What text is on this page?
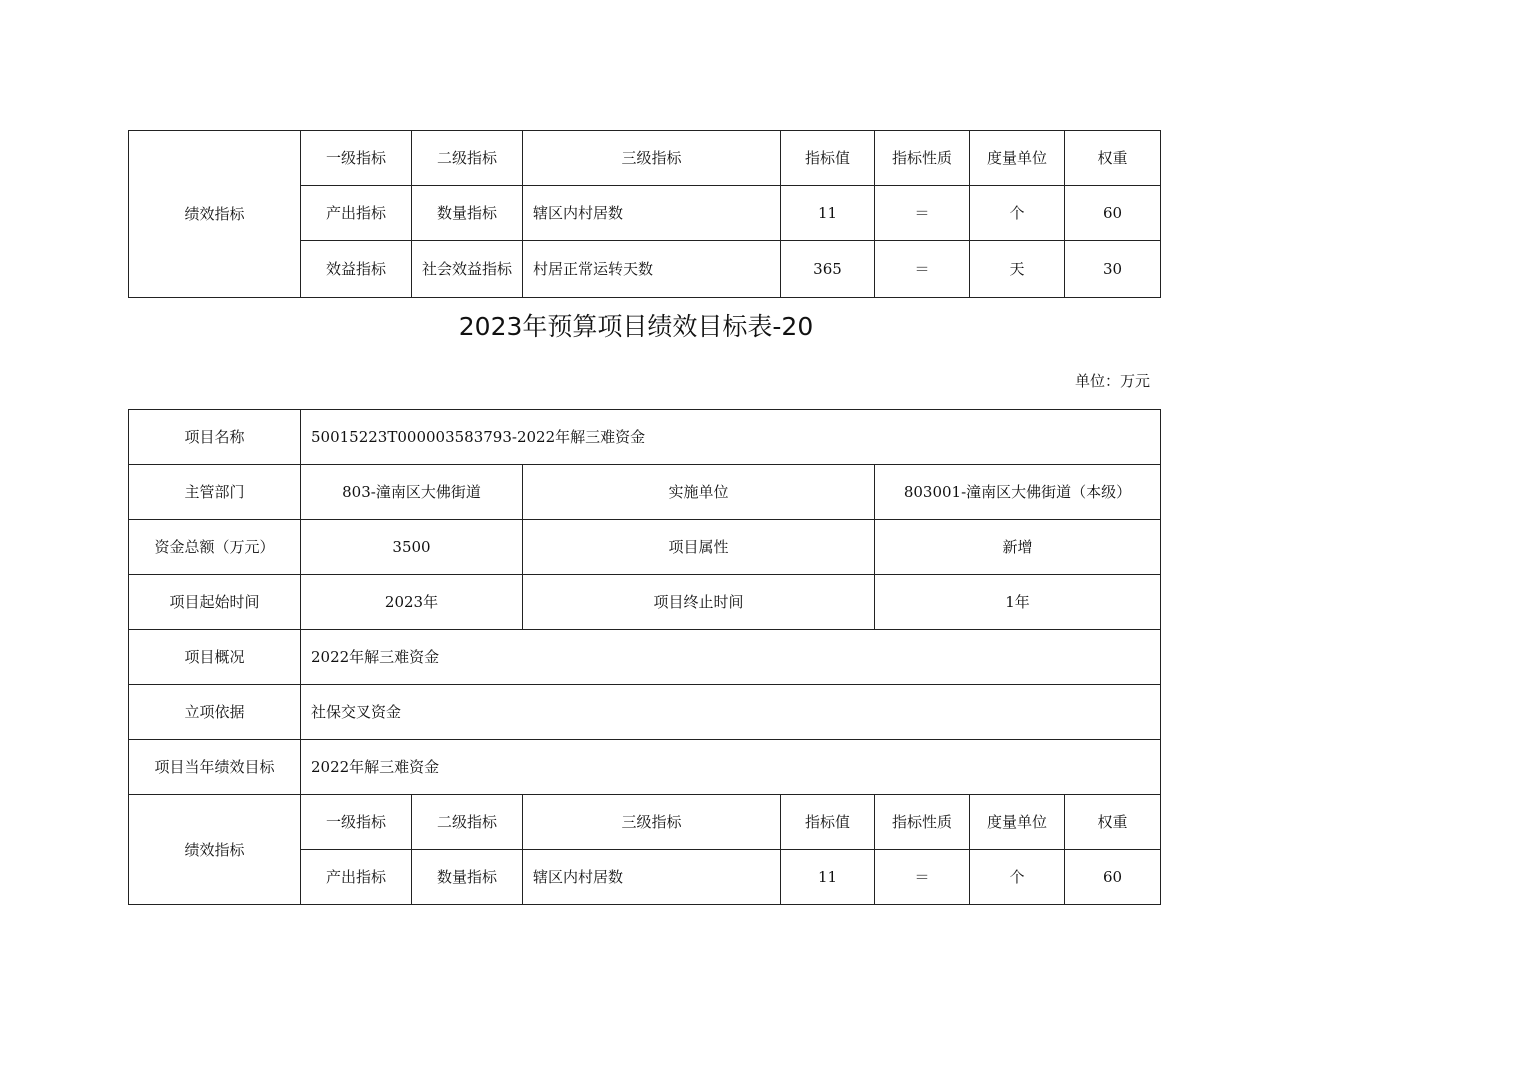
绩效指标	一级指标	二级指标	三级指标	指标值	指标性质	度量单位	权重
	产出指标	数量指标	辖区内村居数	11	＝	个	60
	效益指标	社会效益指标	村居正常运转天数	365	＝	天	30
2023年预算项目绩效目标表-20
单位：万元
项目名称	50015223T000003583793-2022年解三难资金						
主管部门	803-潼南区大佛街道		实施单位		803001-潼南区大佛街道（本级）		
资金总额（万元）	3500		项目属性		新增		
项目起始时间	2023年		项目终止时间		1年		
项目概况	2022年解三难资金						
立项依据	社保交叉资金						
项目当年绩效目标	2022年解三难资金						
绩效指标	一级指标	二级指标	三级指标	指标值	指标性质	度量单位	权重
	产出指标	数量指标	辖区内村居数	11	＝	个	60
